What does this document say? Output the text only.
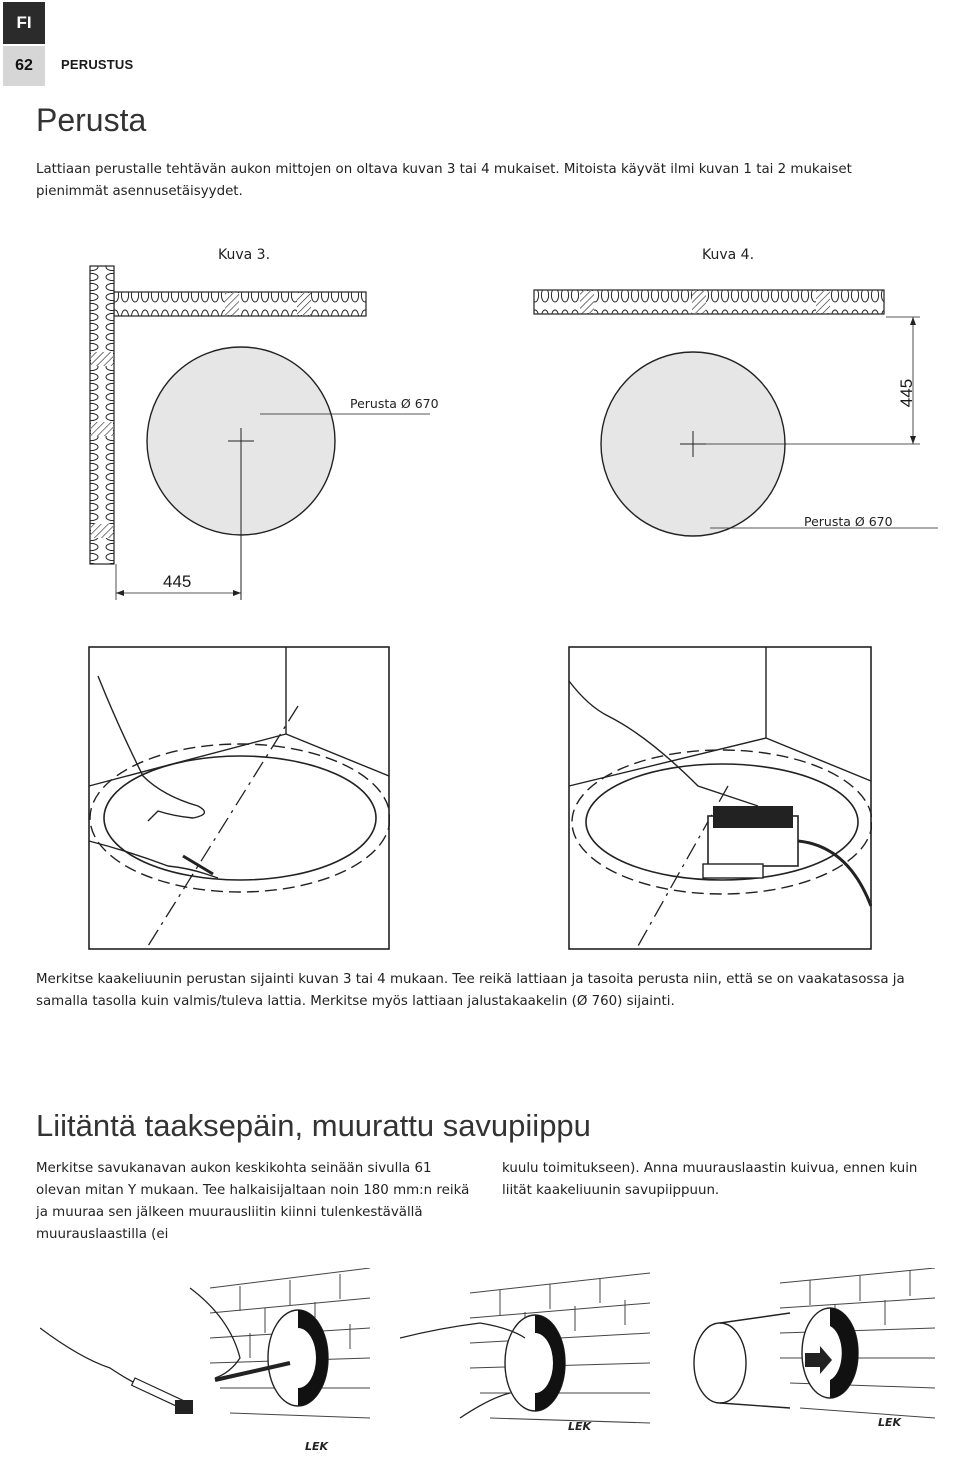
FI
62	PERUSTUS
Perusta
Lattiaan perustalle tehtävän aukon mittojen on oltava kuvan 3 tai 4 mukaiset. Mitoista käyvät ilmi kuvan 1 tai 2 mukaiset pienimmät asennusetäisyydet.
Kuva 3.	Kuva 4.
Perusta Ø 670
445
445
Perusta Ø 670
Merkitse kaakeliuunin perustan sijainti kuvan 3 tai 4 mukaan. Tee reikä lattiaan ja tasoita perusta niin, että se on vaakatasossa ja samalla tasolla kuin valmis/tuleva lattia. Merkitse myös lattiaan jalustakaakelin (Ø 760) sijainti.
Liitäntä taaksepäin, muurattu savupiippu
Merkitse savukanavan aukon keskikohta seinään sivulla 61 olevan mitan Y mukaan. Tee halkaisijaltaan noin 180 mm:n reikä ja muuraa sen jälkeen muurausliitin kiinni tulenkestävällä muurauslaastilla (ei
kuulu toimitukseen). Anna muurauslaastin kuivua, ennen kuin liität kaakeliuunin savupiippuun.
LEK
LEK	LEK
